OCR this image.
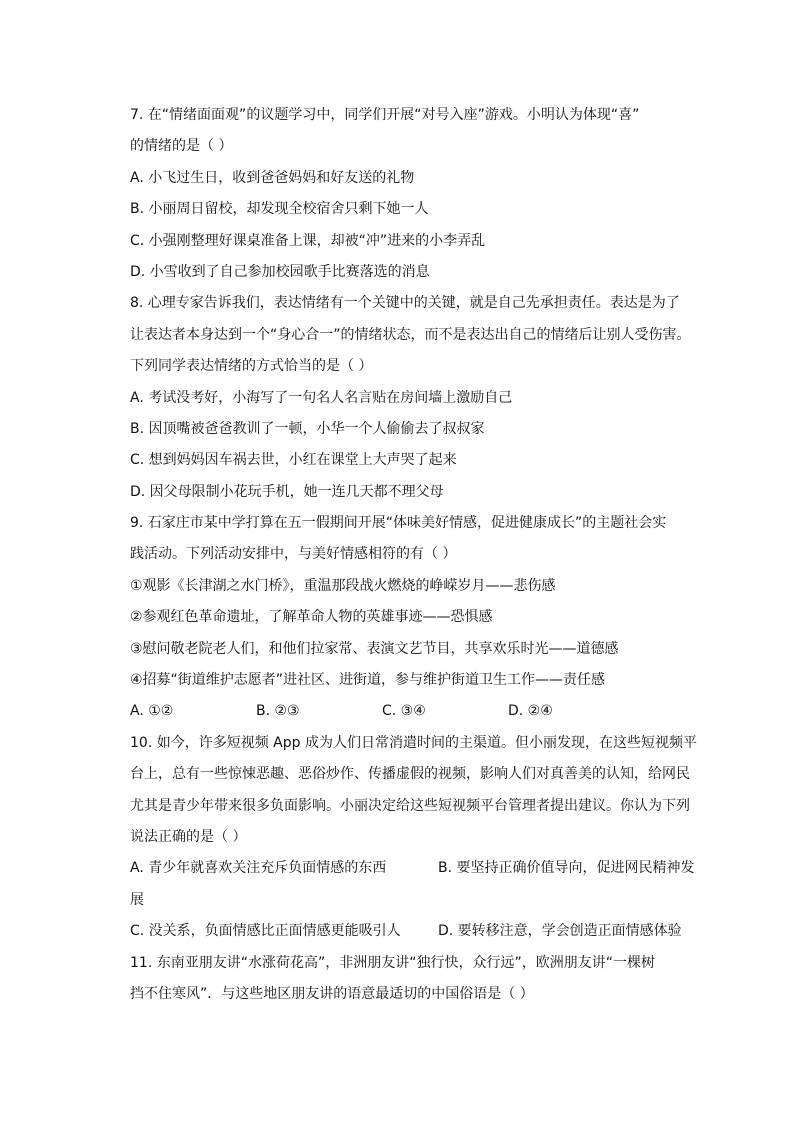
7. 在“情绪面面观”的议题学习中，同学们开展“对号入座”游戏。小明认为体现“喜”
的情绪的是（ ）
A. 小飞过生日，收到爸爸妈妈和好友送的礼物
B. 小丽周日留校，却发现全校宿舍只剩下她一人
C. 小强刚整理好课桌准备上课，却被“冲”进来的小李弄乱
D. 小雪收到了自己参加校园歌手比赛落选的消息
8. 心理专家告诉我们，表达情绪有一个关键中的关键，就是自己先承担责任。表达是为了
让表达者本身达到一个“身心合一”的情绪状态，而不是表达出自己的情绪后让别人受伤害。
下列同学表达情绪的方式恰当的是（ ）
A. 考试没考好，小海写了一句名人名言贴在房间墙上激励自己
B. 因顶嘴被爸爸教训了一顿，小华一个人偷偷去了叔叔家
C. 想到妈妈因车祸去世，小红在课堂上大声哭了起来
D. 因父母限制小花玩手机，她一连几天都不理父母
9. 石家庄市某中学打算在五一假期间开展“体味美好情感，促进健康成长”的主题社会实
践活动。下列活动安排中，与美好情感相符的有（ ）
①观影《长津湖之水门桥》，重温那段战火燃烧的峥嵘岁月——悲伤感
②参观红色革命遗址，了解革命人物的英雄事迹——恐惧感
③慰问敬老院老人们，和他们拉家常、表演文艺节目，共享欢乐时光——道德感
④招募“街道维护志愿者”进社区、进街道，参与维护街道卫生工作——责任感
A. ①②	B. ②③	C. ③④	D. ②④
10. 如今，许多短视频 App 成为人们日常消遣时间的主渠道。但小丽发现，在这些短视频平
台上，总有一些惊悚恶趣、恶俗炒作、传播虚假的视频，影响人们对真善美的认知，给网民
尤其是青少年带来很多负面影响。小丽决定给这些短视频平台管理者提出建议。你认为下列
说法正确的是（ ）
A. 青少年就喜欢关注充斥负面情感的东西	B. 要坚持正确价值导向，促进网民精神发
展
C. 没关系，负面情感比正面情感更能吸引人	D. 要转移注意，学会创造正面情感体验
11. 东南亚朋友讲“水涨荷花高”，非洲朋友讲“独行快，众行远”，欧洲朋友讲“一棵树
挡不住寒风”．与这些地区朋友讲的语意最适切的中国俗语是（ ）
